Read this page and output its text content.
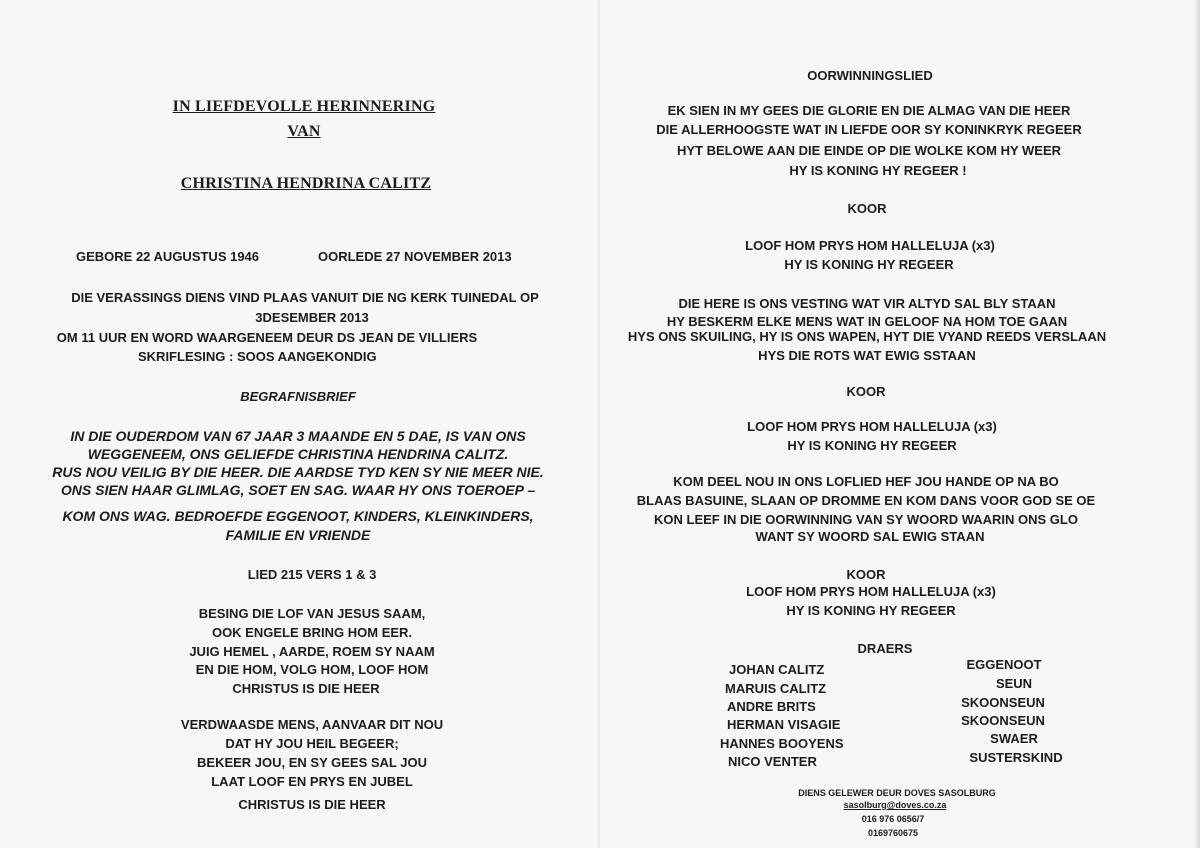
IN LIEFDEVOLLE HERINNERING
VAN
CHRISTINA HENDRINA CALITZ
GEBORE 22 AUGUSTUS 1946	OORLEDE 27 NOVEMBER 2013
DIE VERASSINGS DIENS VIND PLAAS VANUIT DIE NG KERK TUINEDAL OP
3DESEMBER 2013
OM 11 UUR EN WORD WAARGENEEM DEUR DS JEAN DE VILLIERS
SKRIFLESING : SOOS AANGEKONDIG
BEGRAFNISBRIEF
IN DIE OUDERDOM VAN 67 JAAR 3 MAANDE EN 5 DAE, IS VAN ONS
WEGGENEEM, ONS GELIEFDE CHRISTINA HENDRINA CALITZ.
RUS NOU VEILIG BY DIE HEER. DIE AARDSE TYD KEN SY NIE MEER NIE.
ONS SIEN HAAR GLIMLAG, SOET EN SAG. WAAR HY ONS TOEROEP –
KOM ONS WAG. BEDROEFDE EGGENOOT, KINDERS, KLEINKINDERS,
FAMILIE EN VRIENDE
LIED 215 VERS 1 & 3
BESING DIE LOF VAN JESUS SAAM,
OOK ENGELE BRING HOM EER.
JUIG HEMEL , AARDE, ROEM SY NAAM
EN DIE HOM, VOLG HOM, LOOF HOM
CHRISTUS IS DIE HEER
VERDWAASDE MENS, AANVAAR DIT NOU
DAT HY JOU HEIL BEGEER;
BEKEER JOU, EN SY GEES SAL JOU
LAAT LOOF EN PRYS EN JUBEL
CHRISTUS IS DIE HEER
OORWINNINGSLIED
EK SIEN IN MY GEES DIE GLORIE EN DIE ALMAG VAN DIE HEER
DIE ALLERHOOGSTE WAT IN LIEFDE OOR SY KONINKRYK REGEER
HYT BELOWE AAN DIE EINDE OP DIE WOLKE KOM HY WEER
HY IS KONING HY REGEER !
KOOR
LOOF HOM PRYS HOM HALLELUJA (x3)
HY IS KONING HY REGEER
DIE HERE IS ONS VESTING WAT VIR ALTYD SAL BLY STAAN
HY BESKERM ELKE MENS WAT IN GELOOF NA HOM TOE GAAN
HYS ONS SKUILING, HY IS ONS WAPEN, HYT DIE VYAND REEDS VERSLAAN
HYS DIE ROTS WAT EWIG SSTAAN
KOOR
LOOF HOM PRYS HOM HALLELUJA (x3)
HY IS KONING HY REGEER
KOM DEEL NOU IN ONS LOFLIED HEF JOU HANDE OP NA BO
BLAAS BASUINE, SLAAN OP DROMME EN KOM DANS VOOR GOD SE OE
KON LEEF IN DIE OORWINNING VAN SY WOORD WAARIN ONS GLO
WANT SY WOORD SAL EWIG STAAN
KOOR
LOOF HOM PRYS HOM HALLELUJA (x3)
HY IS KONING HY REGEER
DRAERS
JOHAN CALITZ
MARUIS CALITZ
ANDRE BRITS
HERMAN VISAGIE
HANNES BOOYENS
NICO VENTER
EGGENOOT
SEUN
SKOONSEUN
SKOONSEUN
SWAER
SUSTERSKIND
DIENS GELEWER DEUR DOVES SASOLBURG
sasolburg@doves.co.za
016 976 0656/7
0169760675
